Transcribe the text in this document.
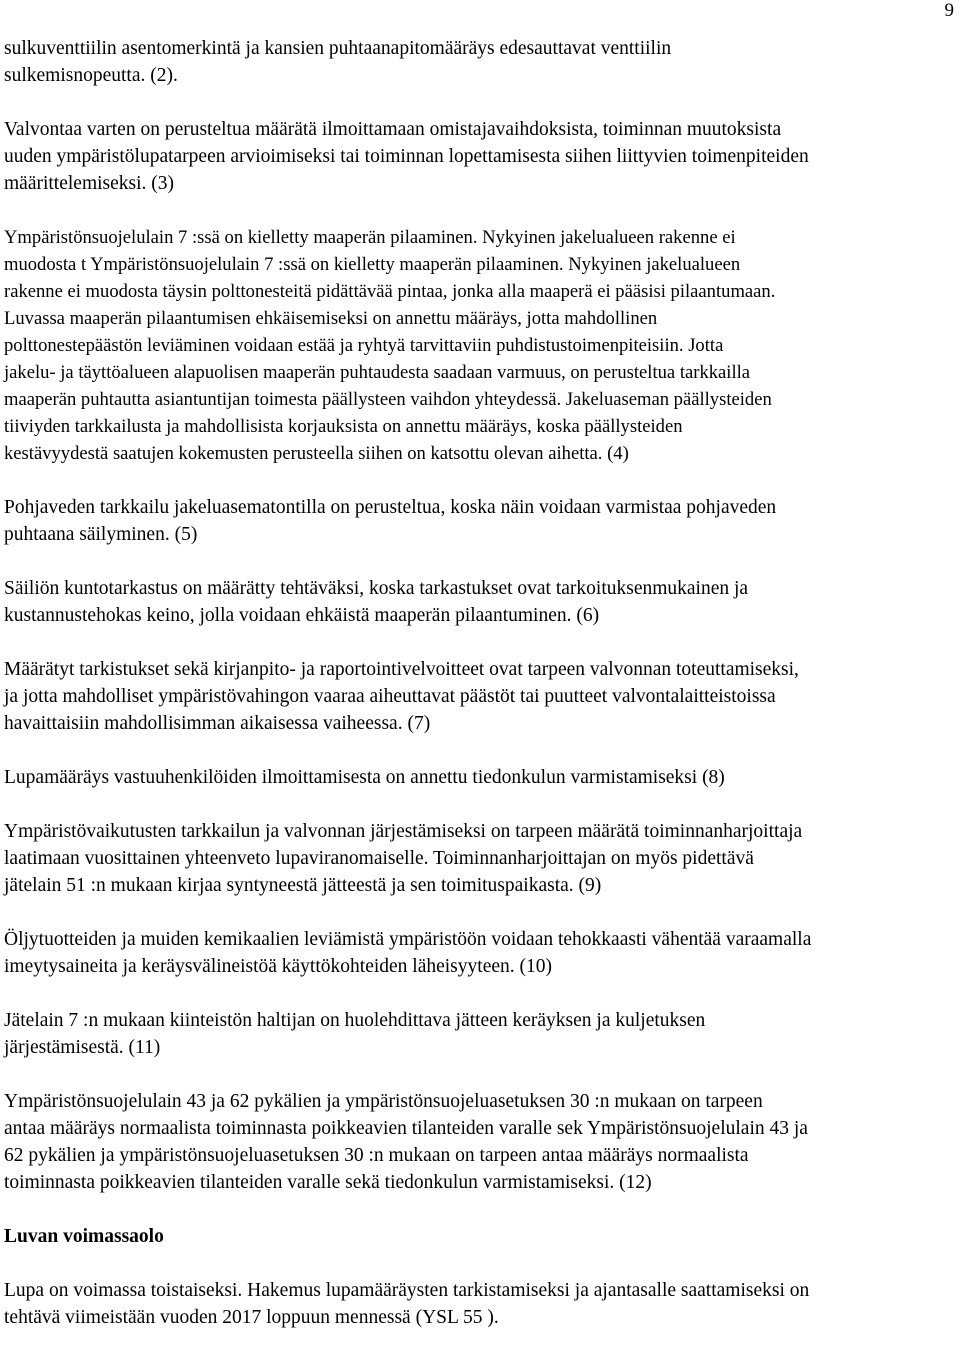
9

sulkuventtiilin asentomerkintä ja kansien puhtaanapitomääräys edesauttavat venttiilin
sulkemisnopeutta. (2).

Valvontaa varten on perusteltua määrätä ilmoittamaan omistajavaihdoksista, toiminnan muutoksista
uuden ympäristölupatarpeen arvioimiseksi tai toiminnan lopettamisesta siihen liittyvien toimenpiteiden
määrittelemiseksi. (3)

Ympäristönsuojelulain 7 :ssä on kielletty maaperän pilaaminen. Nykyinen jakelualueen rakenne ei
muodosta t Ympäristönsuojelulain 7 :ssä on kielletty maaperän pilaaminen. Nykyinen jakelualueen
rakenne ei muodosta täysin polttonesteitä pidättävää pintaa, jonka alla maaperä ei pääsisi pilaantumaan.
Luvassa maaperän pilaantumisen ehkäisemiseksi on annettu määräys, jotta mahdollinen
polttonestepäästön leviäminen voidaan estää ja ryhtyä tarvittaviin puhdistustoimenpiteisiin. Jotta
jakelu- ja täyttöalueen alapuolisen maaperän puhtaudesta saadaan varmuus, on perusteltua tarkkailla
maaperän puhtautta asiantuntijan toimesta päällysteen vaihdon yhteydessä. Jakeluaseman päällysteiden
tiiviyden tarkkailusta ja mahdollisista korjauksista on annettu määräys, koska päällysteiden
kestävyydestä saatujen kokemusten perusteella siihen on katsottu olevan aihetta. (4)

Pohjaveden tarkkailu jakeluasematontilla on perusteltua, koska näin voidaan varmistaa pohjaveden
puhtaana säilyminen. (5)

Säiliön kuntotarkastus on määrätty tehtäväksi, koska tarkastukset ovat tarkoituksenmukainen ja
kustannustehokas keino, jolla voidaan ehkäistä maaperän pilaantuminen. (6)

Määrätyt tarkistukset sekä kirjanpito- ja raportointivelvoitteet ovat tarpeen valvonnan toteuttamiseksi,
ja jotta mahdolliset ympäristövahingon vaaraa aiheuttavat päästöt tai puutteet valvontalaitteistoissa
havaittaisiin mahdollisimman aikaisessa vaiheessa. (7)

Lupamääräys vastuuhenkilöiden ilmoittamisesta on annettu tiedonkulun varmistamiseksi (8)

Ympäristövaikutusten tarkkailun ja valvonnan järjestämiseksi on tarpeen määrätä toiminnanharjoittaja
laatimaan vuosittainen yhteenveto lupaviranomaiselle. Toiminnanharjoittajan on myös pidettävä
jätelain 51 :n mukaan kirjaa syntyneestä jätteestä ja sen toimituspaikasta. (9)

Öljytuotteiden ja muiden kemikaalien leviämistä ympäristöön voidaan tehokkaasti vähentää varaamalla
imeytysaineita ja keräysvälineistöä käyttökohteiden läheisyyteen. (10)

Jätelain 7 :n mukaan kiinteistön haltijan on huolehdittava jätteen keräyksen ja kuljetuksen
järjestämisestä. (11)

Ympäristönsuojelulain 43 ja 62 pykälien ja ympäristönsuojeluasetuksen 30 :n mukaan on tarpeen
antaa määräys normaalista toiminnasta poikkeavien tilanteiden varalle sek Ympäristönsuojelulain 43 ja
62 pykälien ja ympäristönsuojeluasetuksen 30 :n mukaan on tarpeen antaa määräys normaalista
toiminnasta poikkeavien tilanteiden varalle sekä tiedonkulun varmistamiseksi. (12)

Luvan voimassaolo

Lupa on voimassa toistaiseksi. Hakemus lupamääräysten tarkistamiseksi ja ajantasalle saattamiseksi on
tehtävä viimeistään vuoden 2017 loppuun mennessä (YSL 55 ).
